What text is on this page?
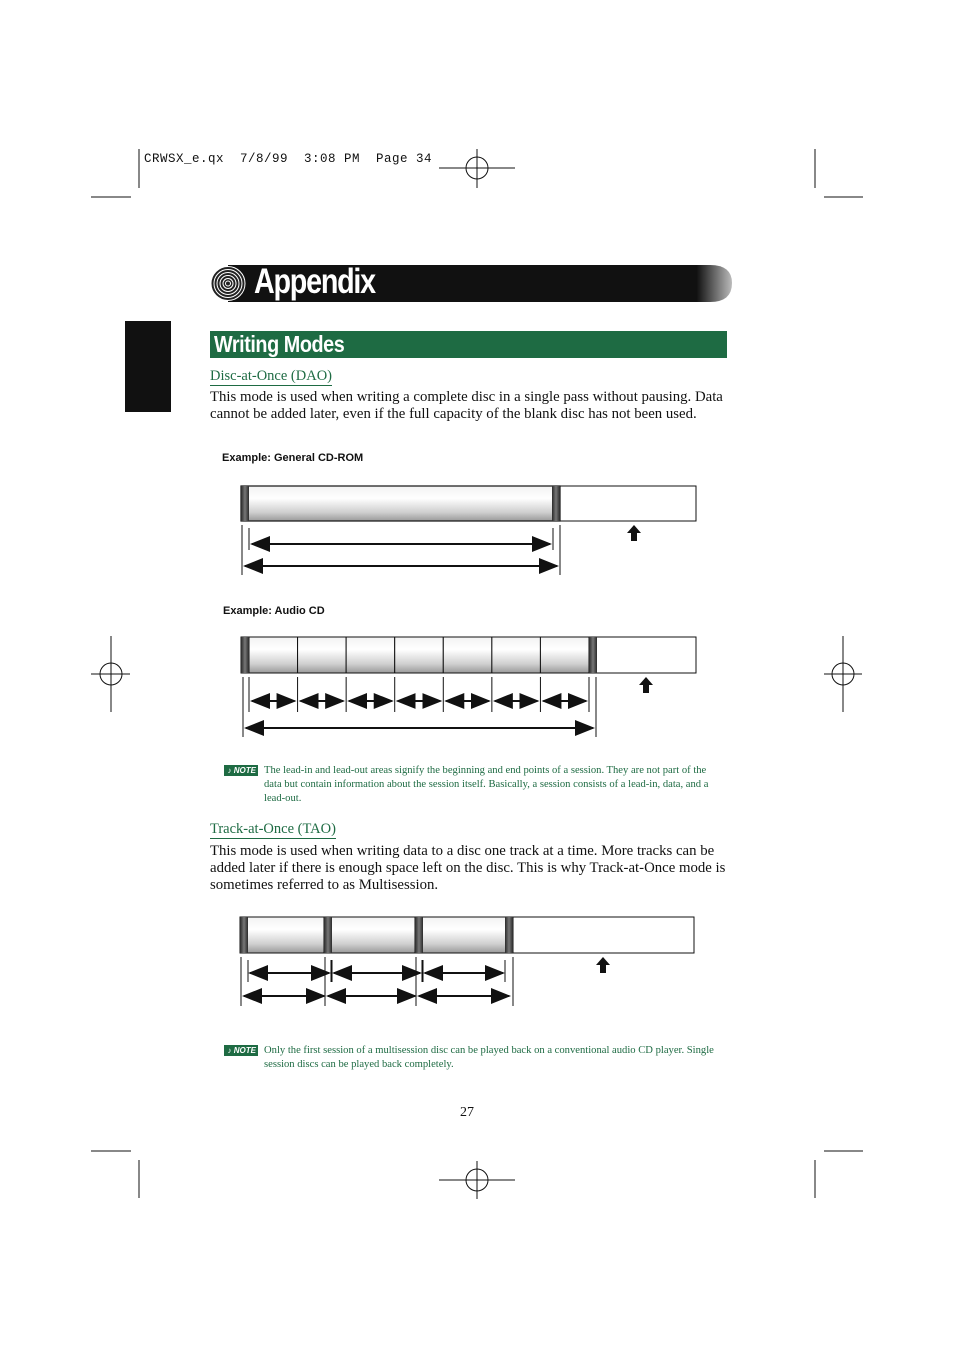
CRWSX_e.qx  7/8/99  3:08 PM  Page 34
Appendix
Writing Modes
Disc-at-Once (DAO)
This mode is used when writing a complete disc in a single pass without pausing. Data cannot be added later, even if the full capacity of the blank disc has not been used.
Example: General CD-ROM
Example: Audio CD
♪ NOTE The lead-in and lead-out areas signify the beginning and end points of a session. They are not part of the data but contain information about the session itself. Basically, a session consists of a lead-in, data, and a lead-out.
Track-at-Once (TAO)
This mode is used when writing data to a disc one track at a time. More tracks can be added later if there is enough space left on the disc. This is why Track-at-Once mode is sometimes referred to as Multisession.
♪ NOTE Only the first session of a multisession disc can be played back on a conventional audio CD player. Single session discs can be played back completely.
27
